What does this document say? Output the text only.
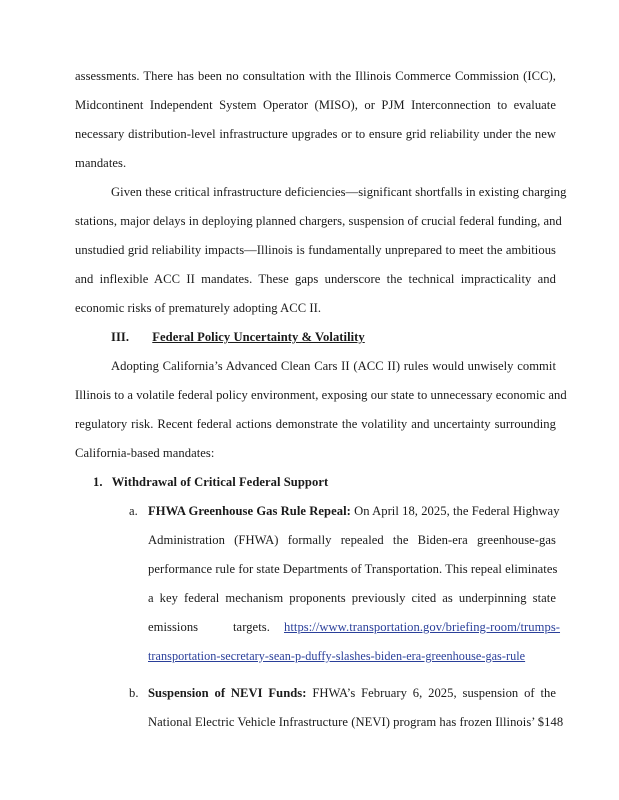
assessments. There has been no consultation with the Illinois Commerce Commission (ICC),
Midcontinent Independent System Operator (MISO), or PJM Interconnection to evaluate
necessary distribution-level infrastructure upgrades or to ensure grid reliability under the new
mandates.
Given these critical infrastructure deficiencies—significant shortfalls in existing charging
stations, major delays in deploying planned chargers, suspension of crucial federal funding, and
unstudied grid reliability impacts—Illinois is fundamentally unprepared to meet the ambitious
and inflexible ACC II mandates. These gaps underscore the technical impracticality and
economic risks of prematurely adopting ACC II.
III. Federal Policy Uncertainty & Volatility
Adopting California’s Advanced Clean Cars II (ACC II) rules would unwisely commit
Illinois to a volatile federal policy environment, exposing our state to unnecessary economic and
regulatory risk. Recent federal actions demonstrate the volatility and uncertainty surrounding
California-based mandates:
1. Withdrawal of Critical Federal Support
a. FHWA Greenhouse Gas Rule Repeal: On April 18, 2025, the Federal Highway
Administration (FHWA) formally repealed the Biden-era greenhouse-gas
performance rule for state Departments of Transportation. This repeal eliminates
a key federal mechanism proponents previously cited as underpinning state
emissions	targets. https://www.transportation.gov/briefing-room/trumps-
transportation-secretary-sean-p-duffy-slashes-biden-era-greenhouse-gas-rule
b. Suspension of NEVI Funds: FHWA’s February 6, 2025, suspension of the
National Electric Vehicle Infrastructure (NEVI) program has frozen Illinois’ $148
